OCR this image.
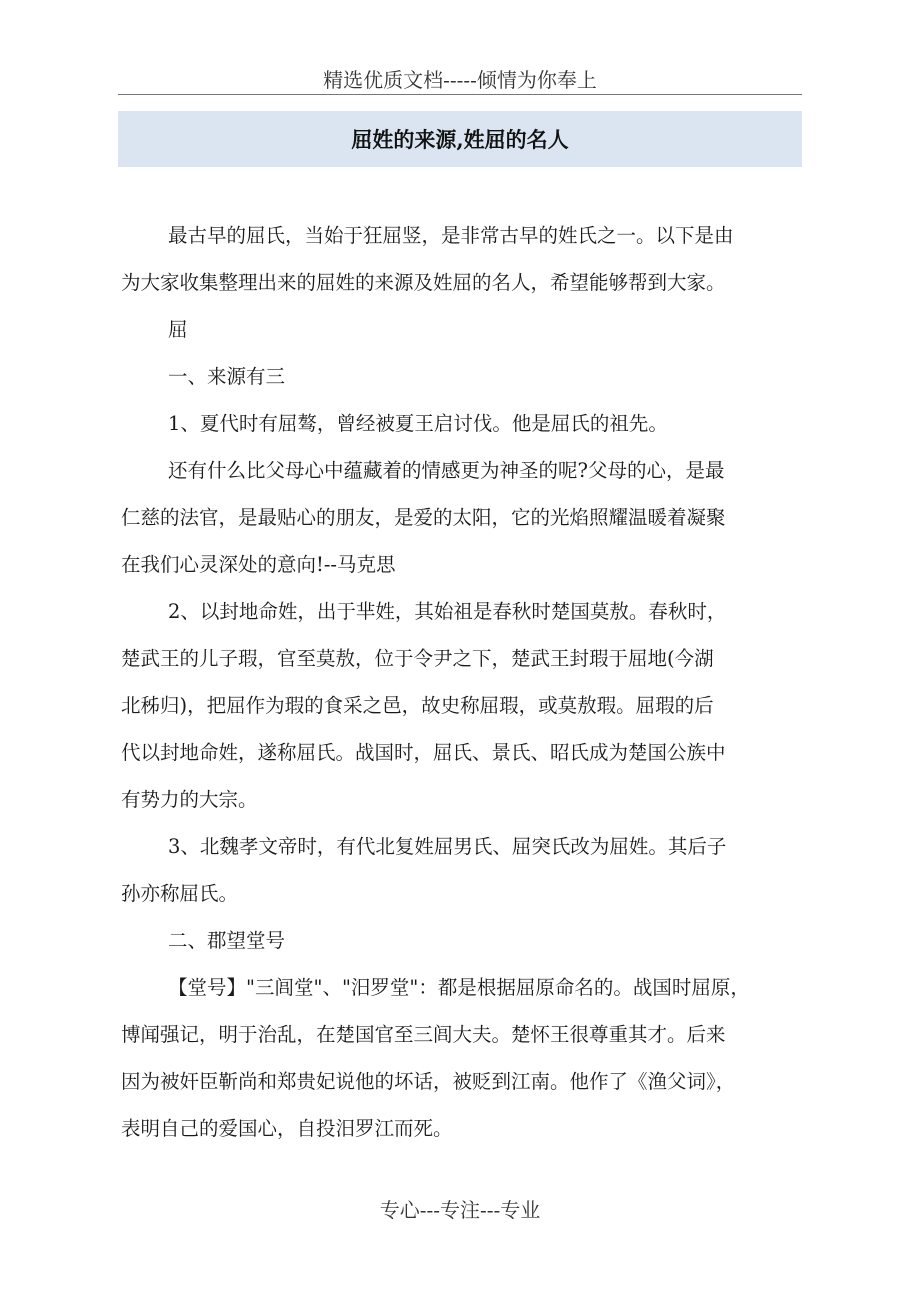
精选优质文档-----倾情为你奉上
屈姓的来源,姓屈的名人

最古早的屈氏，当始于狂屈竖，是非常古早的姓氏之一。以下是由

为大家收集整理出来的屈姓的来源及姓屈的名人，希望能够帮到大家。

屈

一、来源有三

1、夏代时有屈骜，曾经被夏王启讨伐。他是屈氏的祖先。

还有什么比父母心中蕴藏着的情感更为神圣的呢?父母的心，是最

仁慈的法官，是最贴心的朋友，是爱的太阳，它的光焰照耀温暖着凝聚

在我们心灵深处的意向!--马克思

2、以封地命姓，出于芈姓，其始祖是春秋时楚国莫敖。春秋时，

楚武王的儿子瑕，官至莫敖，位于令尹之下，楚武王封瑕于屈地(今湖

北秭归)，把屈作为瑕的食采之邑，故史称屈瑕，或莫敖瑕。屈瑕的后

代以封地命姓，遂称屈氏。战国时，屈氏、景氏、昭氏成为楚国公族中

有势力的大宗。

3、北魏孝文帝时，有代北复姓屈男氏、屈突氏改为屈姓。其后子

孙亦称屈氏。

二、郡望堂号

【堂号】"三闾堂"、"汨罗堂"：都是根据屈原命名的。战国时屈原，

博闻强记，明于治乱，在楚国官至三闾大夫。楚怀王很尊重其才。后来

因为被奸臣靳尚和郑贵妃说他的坏话，被贬到江南。他作了《渔父词》，

表明自己的爱国心，自投汨罗江而死。

专心---专注---专业
